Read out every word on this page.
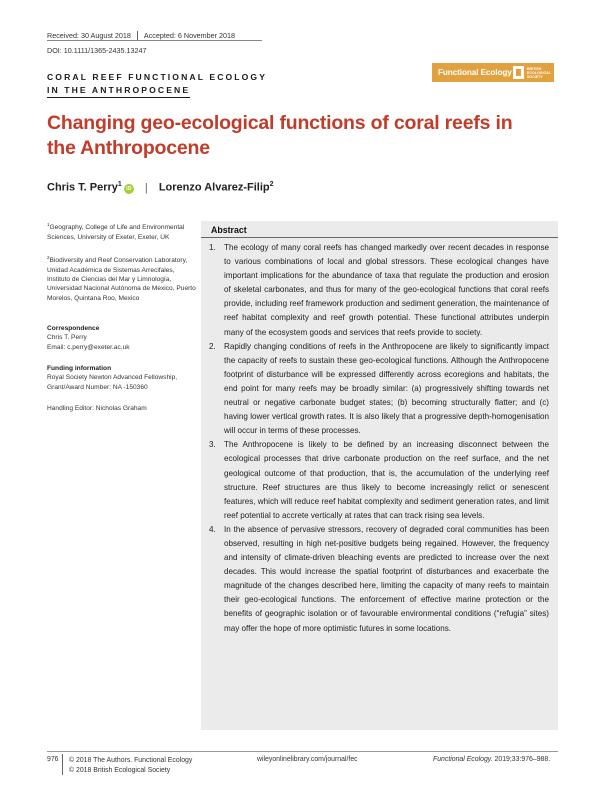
Received: 30 August 2018 Accepted: 6 November 2018
DOI: 10.1111/1365-2435.13247
CORAL REEF FUNCTIONAL ECOLOGY
IN THE ANTHROPOCENE
Functional Ecology	BRITISH
ECOLOGICAL
SOCIETY
Changing geo-ecological functions of coral reefs in the Anthropocene
Chris T. Perry$^1$iD | Lorenzo Alvarez-Filip$^2$
$^1$Geography, College of Life and Environmental Sciences, University of Exeter, Exeter, UK
$^2$Biodiversity and Reef Conservation Laboratory, Unidad Académica de Sistemas Arrecifales, Instituto de Ciencias del Mar y Limnología, Universidad Nacional Autónoma de Mexico, Puerto Morelos, Quintana Roo, Mexico
Correspondence
Chris T. Perry
Email: c.perry@exeter.ac.uk
Funding information
Royal Society Newton Advanced Fellowship, Grant/Award Number: NA -150360
Handling Editor: Nicholas Graham
Abstract
1. The ecology of many coral reefs has changed markedly over recent decades in response to various combinations of local and global stressors. These ecological changes have important implications for the abundance of taxa that regulate the production and erosion of skeletal carbonates, and thus for many of the geo-ecological functions that coral reefs provide, including reef framework production and sediment generation, the maintenance of reef habitat complexity and reef growth potential. These functional attributes underpin many of the ecosystem goods and services that reefs provide to society.
2. Rapidly changing conditions of reefs in the Anthropocene are likely to significantly impact the capacity of reefs to sustain these geo-ecological functions. Although the Anthropocene footprint of disturbance will be expressed differently across ecoregions and habitats, the end point for many reefs may be broadly similar: (a) progressively shifting towards net neutral or negative carbonate budget states; (b) becoming structurally flatter; and (c) having lower vertical growth rates. It is also likely that a progressive depth-homogenisation will occur in terms of these processes.
3. The Anthropocene is likely to be defined by an increasing disconnect between the ecological processes that drive carbonate production on the reef surface, and the net geological outcome of that production, that is, the accumulation of the underlying reef structure. Reef structures are thus likely to become increasingly relict or senescent features, which will reduce reef habitat complexity and sediment generation rates, and limit reef potential to accrete vertically at rates that can track rising sea levels.
4. In the absence of pervasive stressors, recovery of degraded coral communities has been observed, resulting in high net-positive budgets being regained. However, the frequency and intensity of climate-driven bleaching events are predicted to increase over the next decades. This would increase the spatial footprint of disturbances and exacerbate the magnitude of the changes described here, limiting the capacity of many reefs to maintain their geo-ecological functions. The enforcement of effective marine protection or the benefits of geographic isolation or of favourable environmental conditions (“refugia” sites) may offer the hope of more optimistic futures in some locations.
976 © 2018 The Authors. Functional Ecology
© 2018 British Ecological Society
wileyonlinelibrary.com/journal/fec	Functional Ecology. 2019;33:976–988.
